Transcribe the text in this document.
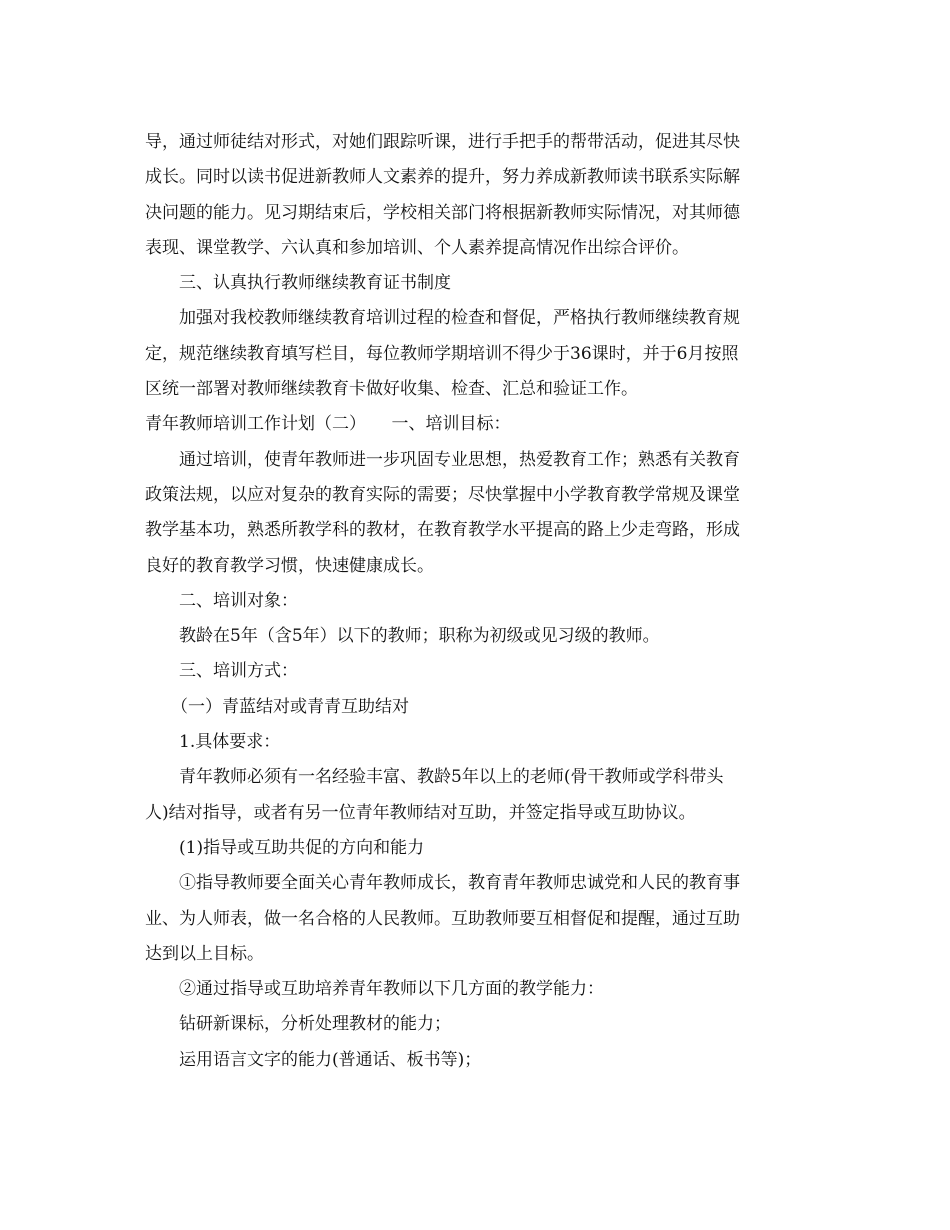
导，通过师徒结对形式，对她们跟踪听课，进行手把手的帮带活动，促进其尽快
成长。同时以读书促进新教师人文素养的提升，努力养成新教师读书联系实际解
决问题的能力。见习期结束后，学校相关部门将根据新教师实际情况，对其师德
表现、课堂教学、六认真和参加培训、个人素养提高情况作出综合评价。
三、认真执行教师继续教育证书制度
加强对我校教师继续教育培训过程的检查和督促，严格执行教师继续教育规
定，规范继续教育填写栏目，每位教师学期培训不得少于36课时，并于6月按照
区统一部署对教师继续教育卡做好收集、检查、汇总和验证工作。
青年教师培训工作计划（二）　　一、培训目标：
通过培训，使青年教师进一步巩固专业思想，热爱教育工作；熟悉有关教育
政策法规，以应对复杂的教育实际的需要；尽快掌握中小学教育教学常规及课堂
教学基本功，熟悉所教学科的教材，在教育教学水平提高的路上少走弯路，形成
良好的教育教学习惯，快速健康成长。
二、培训对象：
教龄在5年（含5年）以下的教师；职称为初级或见习级的教师。
三、培训方式：
（一）青蓝结对或青青互助结对
1.具体要求：
青年教师必须有一名经验丰富、教龄5年以上的老师(骨干教师或学科带头
人)结对指导，或者有另一位青年教师结对互助，并签定指导或互助协议。
(1)指导或互助共促的方向和能力
①指导教师要全面关心青年教师成长，教育青年教师忠诚党和人民的教育事
业、为人师表，做一名合格的人民教师。互助教师要互相督促和提醒，通过互助
达到以上目标。
②通过指导或互助培养青年教师以下几方面的教学能力：
钻研新课标，分析处理教材的能力；
运用语言文字的能力(普通话、板书等)；
